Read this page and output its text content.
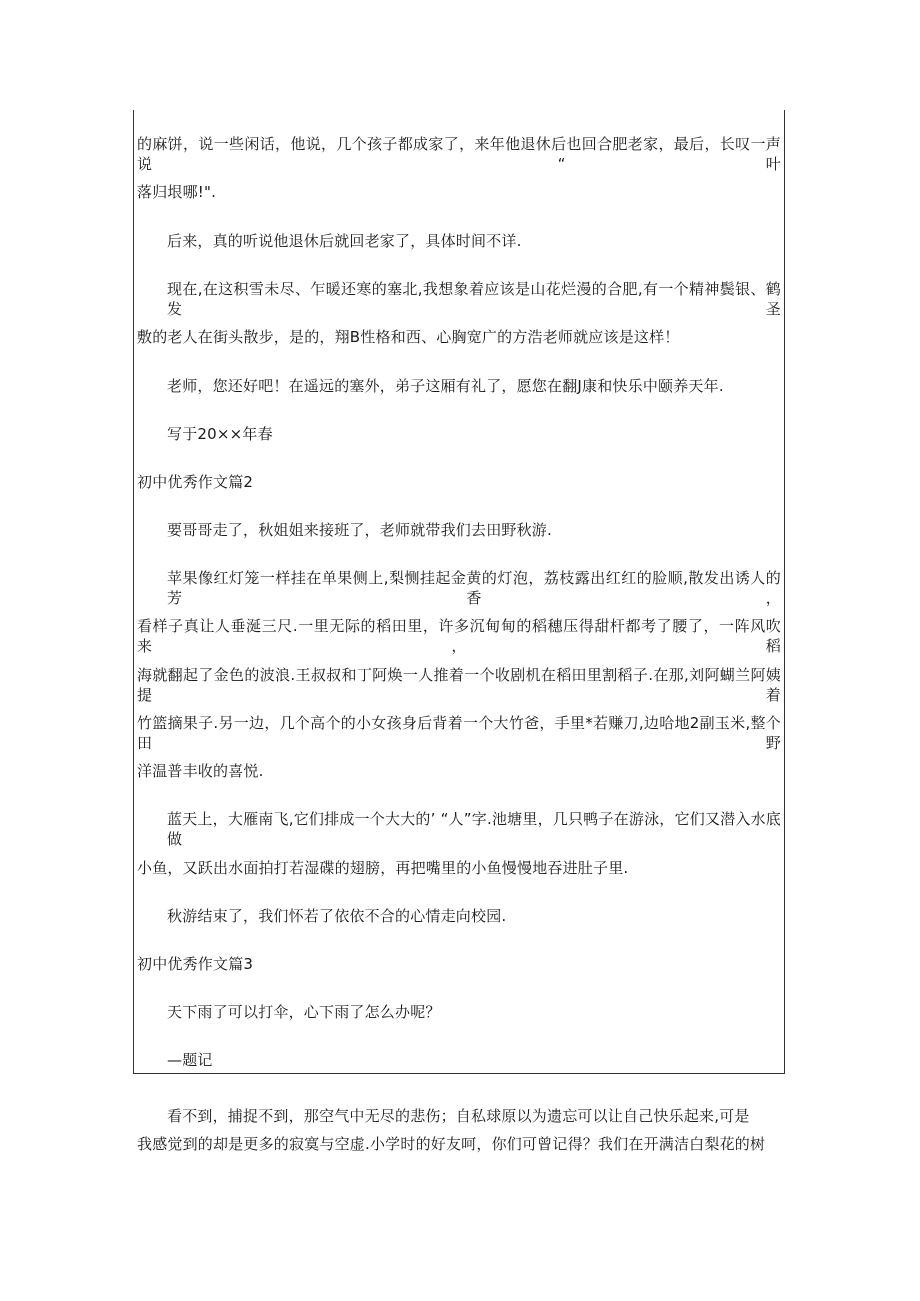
的麻饼，说一些闲话，他说，几个孩子都成家了，来年他退休后也回合肥老家，最后，长叹一声说 “叶
落归垠哪!".
后来，真的听说他退休后就回老家了，具体时间不详.
现在,在这积雪未尽、乍暖还寒的塞北,我想象着应该是山花烂漫的合肥,有一个精神鬓银、鹤发圣
敷的老人在街头散步，是的，翔B性格和西、心胸宽广的方浩老师就应该是这样！
老师，您还好吧！在遥远的塞外，弟子这厢有礼了，愿您在翻J康和快乐中颐养天年.
写于20××年春
初中优秀作文篇2
要哥哥走了，秋姐姐来接班了，老师就带我们去田野秋游.
苹果像红灯笼一样挂在单果侧上,梨恻挂起金黄的灯泡，荔枝露出红红的脸顺,散发出诱人的芳香，
看样子真让人垂涎三尺.一里无际的稻田里，许多沉甸甸的稻穗压得甜杆都考了腰了，一阵风吹来，稻
海就翻起了金色的波浪.王叔叔和丁阿焕一人推着一个收剧机在稻田里割稻子.在那,刘阿蝴兰阿姨提着
竹篮摘果子.另一边，几个高个的小女孩身后背着一个大竹爸，手里*若赚刀,边哈地2副玉米,整个田野
洋温普丰收的喜悦.
蓝天上，大雁南飞,它们排成一个大大的’ “人”字.池塘里，几只鸭子在游泳，它们又潜入水底做
小鱼，又跃出水面拍打若湿碟的翅膀，再把嘴里的小鱼慢慢地吞进肚子里.
秋游结束了，我们怀若了依依不合的心情走向校园.
初中优秀作文篇3
天下雨了可以打伞，心下雨了怎么办呢？
—题记
看不到，捕捉不到，那空气中无尽的悲伤；自私球原以为遗忘可以让自己快乐起来,可是
我感觉到的却是更多的寂寞与空虚.小学时的好友呵，你们可曾记得？我们在开满洁白梨花的树
